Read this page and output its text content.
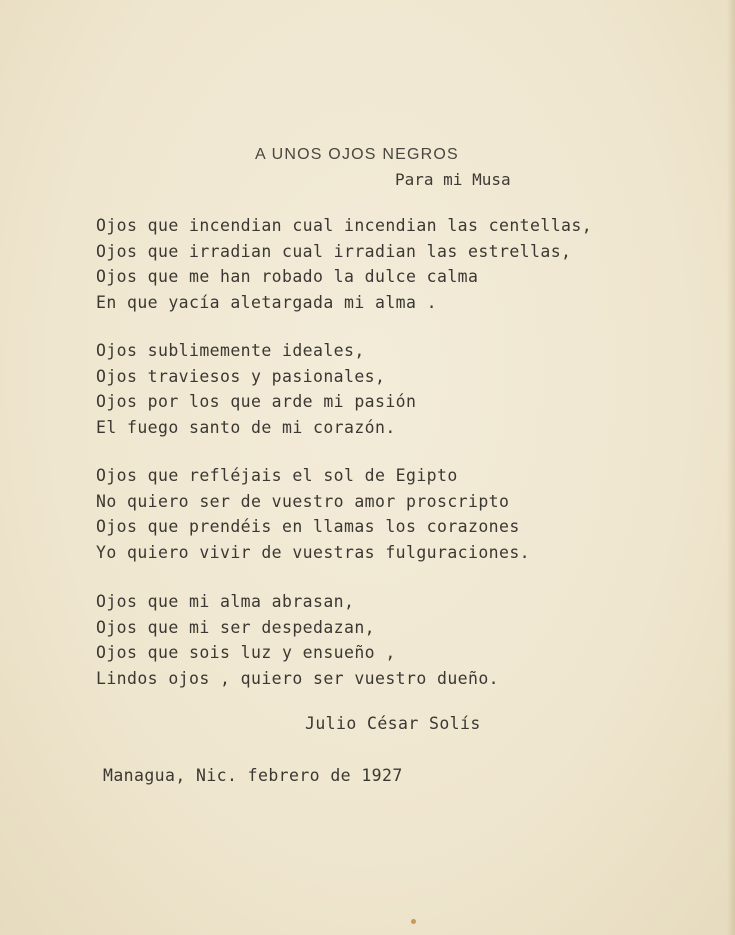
A UNOS OJOS NEGROS
Para mi Musa
Ojos que incendian cual incendian las centellas,
Ojos que irradian cual irradian las estrellas,
Ojos que me han robado la dulce calma
En que yacía aletargada mi alma .
Ojos sublimemente ideales,
Ojos traviesos y pasionales,
Ojos por los que arde mi pasión
El fuego santo de mi corazón.
Ojos que refléjais el sol de Egipto
No quiero ser de vuestro amor proscripto
Ojos que prendéis en llamas los corazones
Yo quiero vivir de vuestras fulguraciones.
Ojos que mi alma abrasan,
Ojos que mi ser despedazan,
Ojos que sois luz y ensueño ,
Lindos ojos , quiero ser vuestro dueño.
Julio César Solís
Managua, Nic. febrero de 1927
